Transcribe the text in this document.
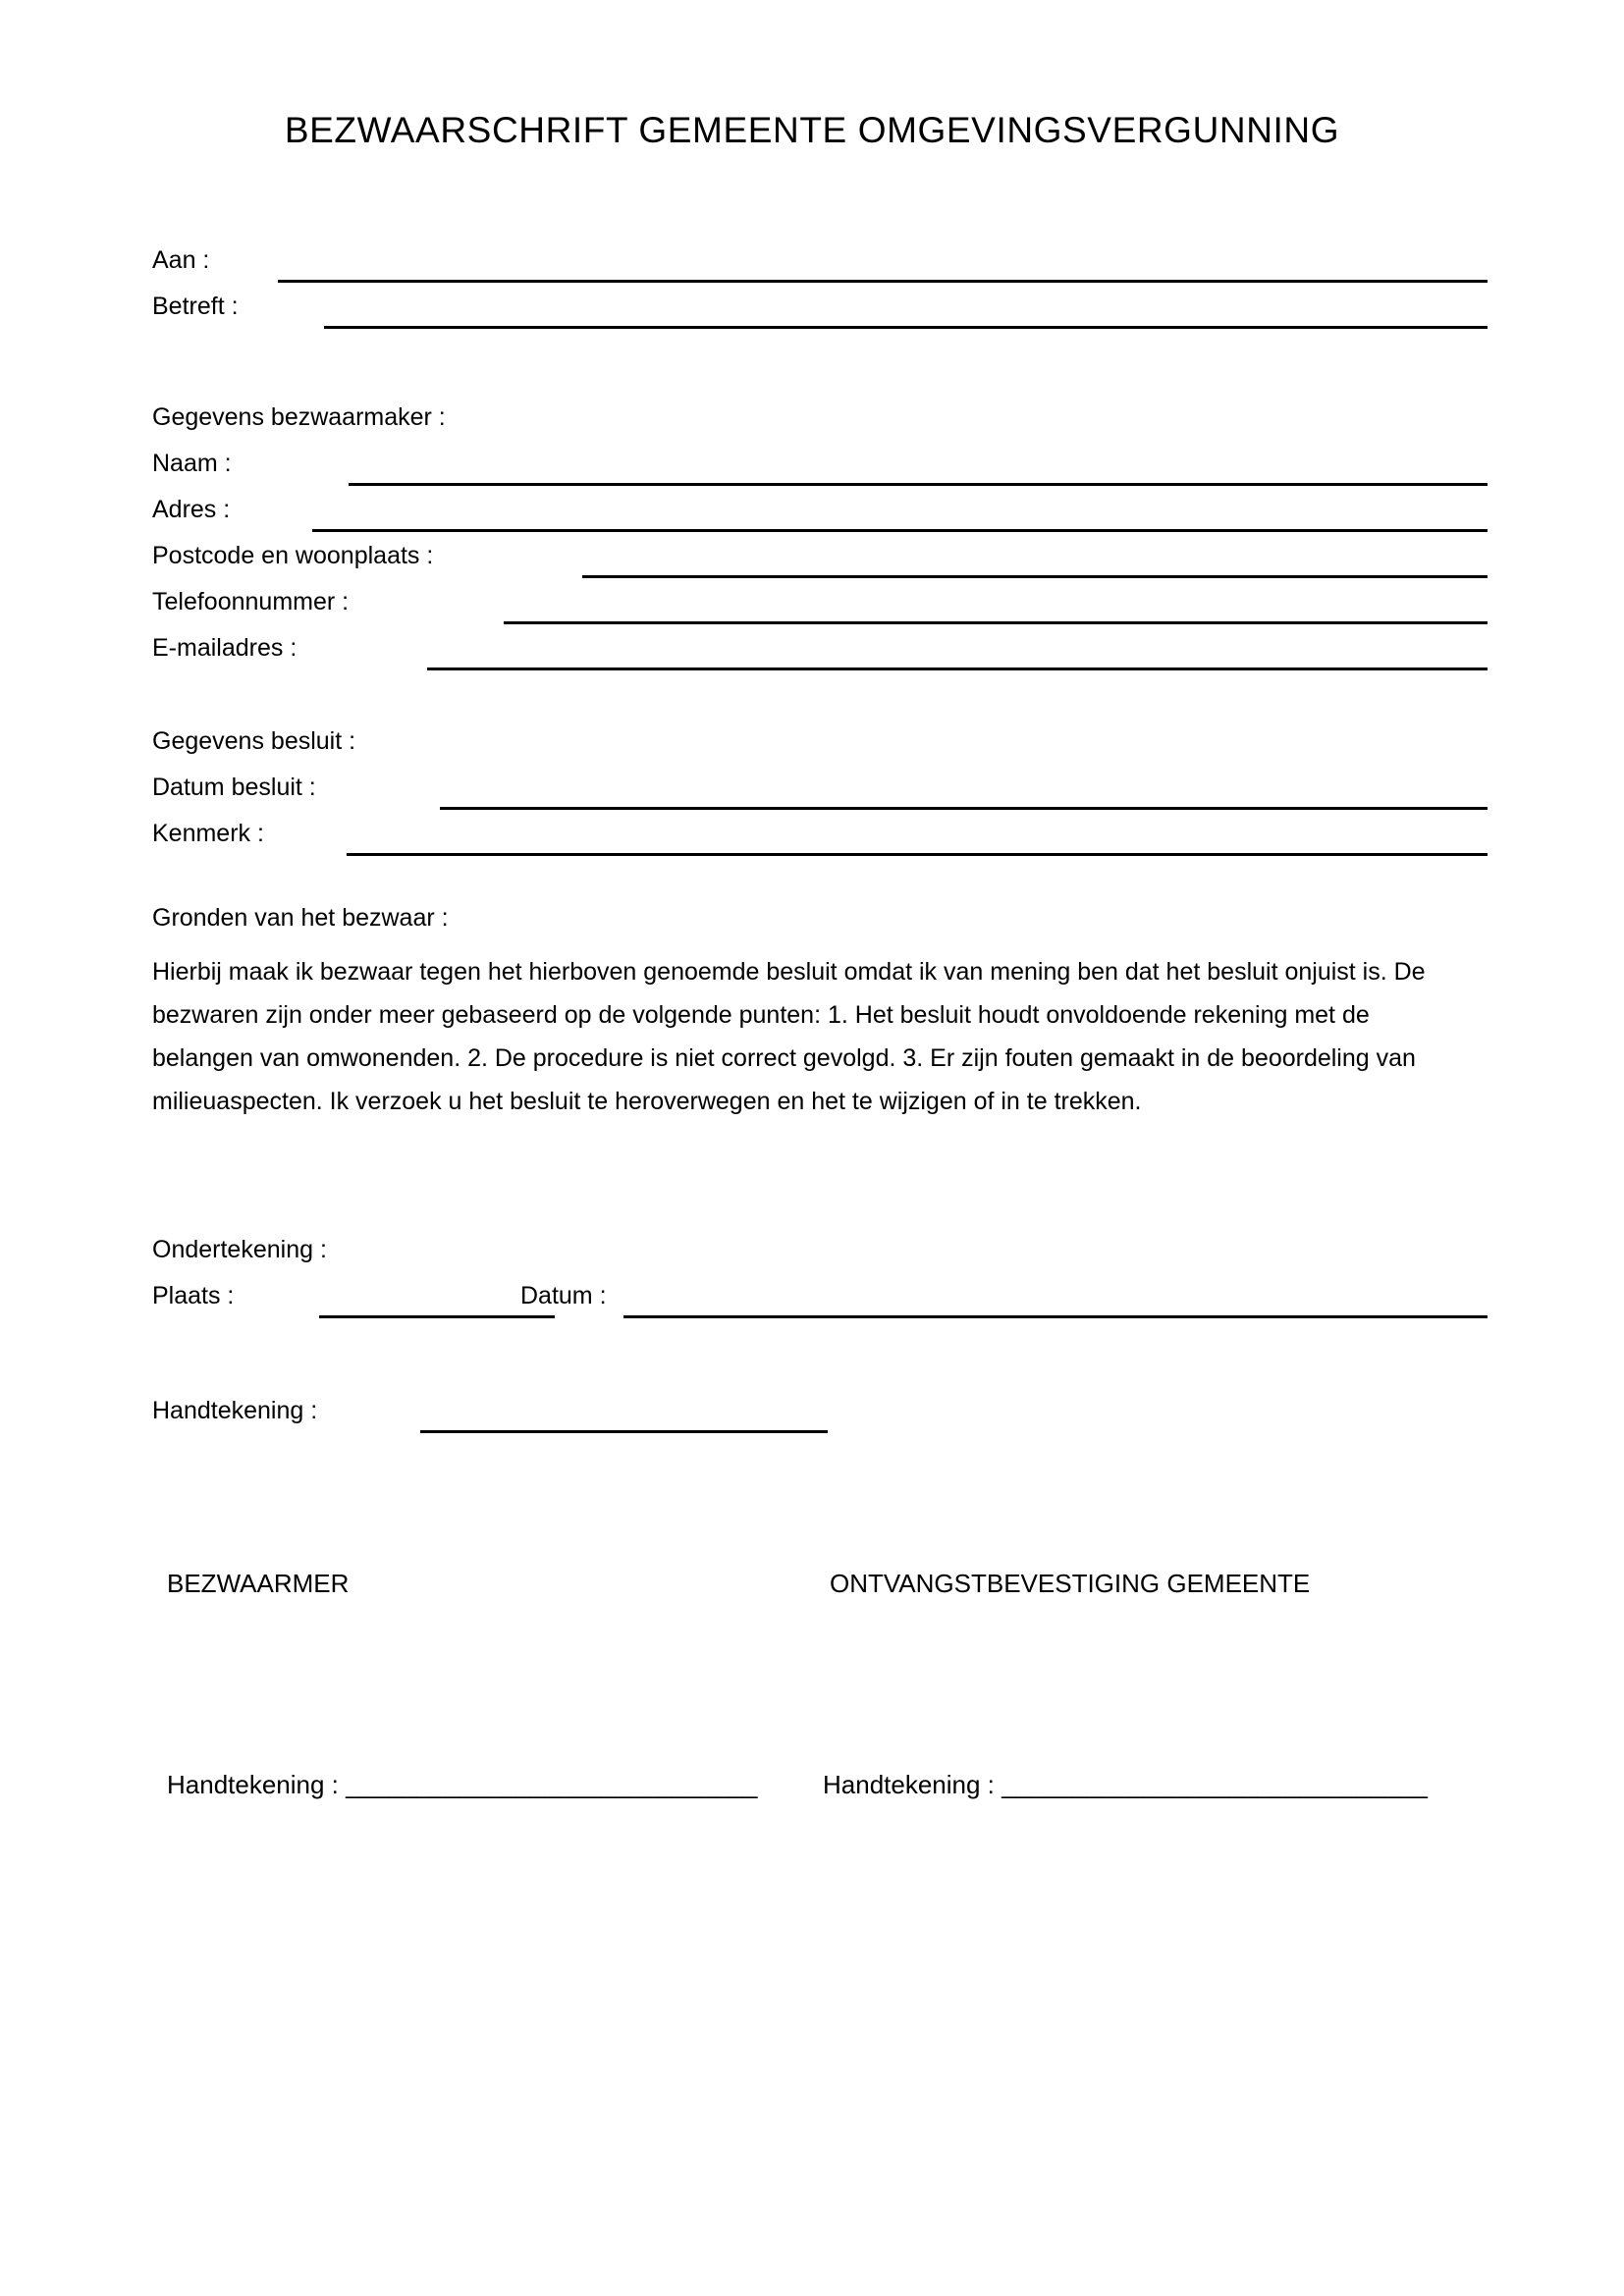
BEZWAARSCHRIFT GEMEENTE OMGEVINGSVERGUNNING
Aan :
Betreft :
Gegevens bezwaarmaker :
Naam :
Adres :
Postcode en woonplaats :
Telefoonnummer :
E-mailadres :
Gegevens besluit :
Datum besluit :
Kenmerk :
Gronden van het bezwaar :
Hierbij maak ik bezwaar tegen het hierboven genoemde besluit omdat ik van mening ben dat het besluit onjuist is. De bezwaren zijn onder meer gebaseerd op de volgende punten: 1. Het besluit houdt onvoldoende rekening met de belangen van omwonenden. 2. De procedure is niet correct gevolgd. 3. Er zijn fouten gemaakt in de beoordeling van milieuaspecten. Ik verzoek u het besluit te heroverwegen en het te wijzigen of in te trekken.
Ondertekening :
Plaats :	Datum :
Handtekening :
BEZWAARMER	ONTVANGSTBEVESTIGING GEMEENTE
Handtekening : _____________________________	Handtekening : ______________________________
